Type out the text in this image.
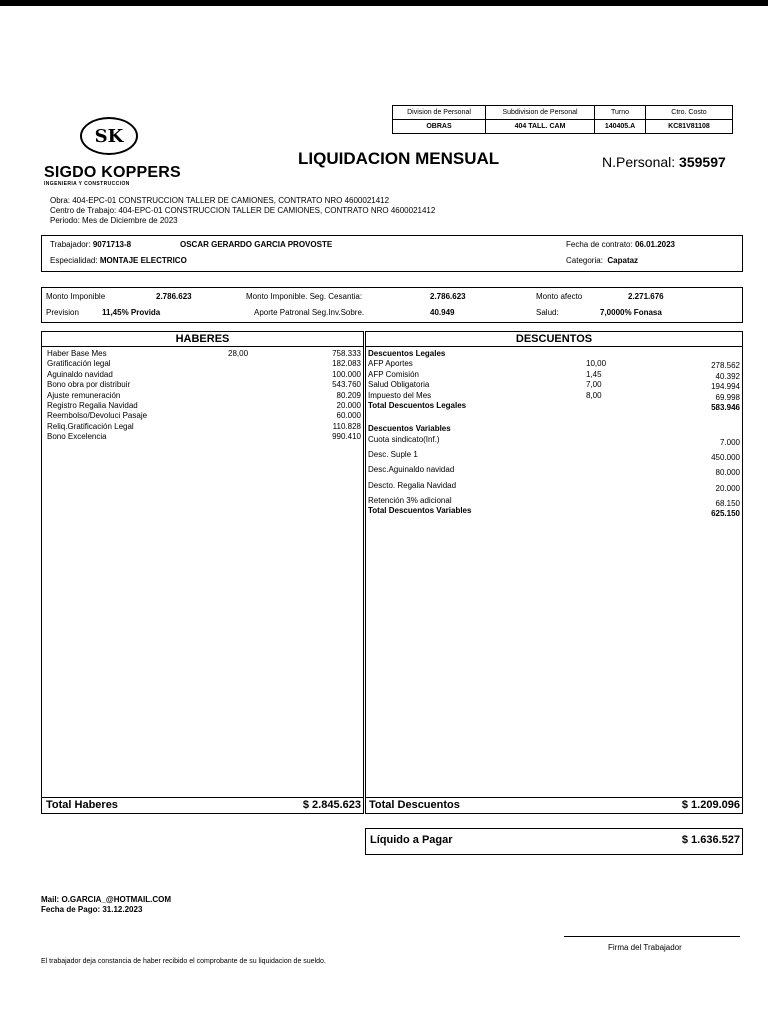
SK
SIGDO KOPPERS
INGENIERIA Y CONSTRUCCION
LIQUIDACION MENSUAL	N.Personal: 359597
Division de Personal	Subdivision de Personal	Turno	Ctro. Costo
OBRAS	404 TALL. CAM	140405.A	KC81V81108
Obra: 404-EPC-01 CONSTRUCCION TALLER DE CAMIONES, CONTRATO NRO 4600021412
Centro de Trabajo: 404-EPC-01 CONSTRUCCION TALLER DE CAMIONES, CONTRATO NRO 4600021412
Periodo: Mes de Diciembre de 2023
Trabajador: 9071713-8	OSCAR GERARDO GARCIA PROVOSTE	Fecha de contrato: 06.01.2023
Especialidad: MONTAJE ELECTRICO	Categoria: Capataz
Monto Imponible	2.786.623	Monto Imponible. Seg. Cesantia:	2.786.623	Monto afecto	2.271.676
Prevision	11,45% Provida	Aporte Patronal Seg.Inv.Sobre.	40.949	Salud:	7,0000% Fonasa
HABERES
Haber Base Mes	28,00	758.333
Gratificación legal	182.083
Aguinaldo navidad	100.000
Bono obra por distribuir	543.760
Ajuste remuneración	80.209
Registro Regalia Navidad	20.000
Reembolso/Devoluci Pasaje	60.000
Reliq.Gratificación Legal	110.828
Bono Excelencia	990.410
Total Haberes	$ 2.845.623
DESCUENTOS
Descuentos Legales
AFP Aportes	10,00	278.562
AFP Comisión	1,45	40.392
Salud Obligatoria	7,00	194.994
Impuesto del Mes	8,00	69.998
Total Descuentos Legales	583.946
Descuentos Variables
Cuota sindicato(Inf.)	7.000
Desc. Suple 1	450.000
Desc.Aguinaldo navidad	80.000
Descto. Regalia Navidad	20.000
Retención 3% adicional	68.150
Total Descuentos Variables	625.150
Total Descuentos	$ 1.209.096
Líquido a Pagar	$ 1.636.527
Mail: O.GARCIA_@HOTMAIL.COM
Fecha de Pago: 31.12.2023
Firma del Trabajador
El trabajador deja constancia de haber recibido el comprobante de su liquidacion de sueldo.
